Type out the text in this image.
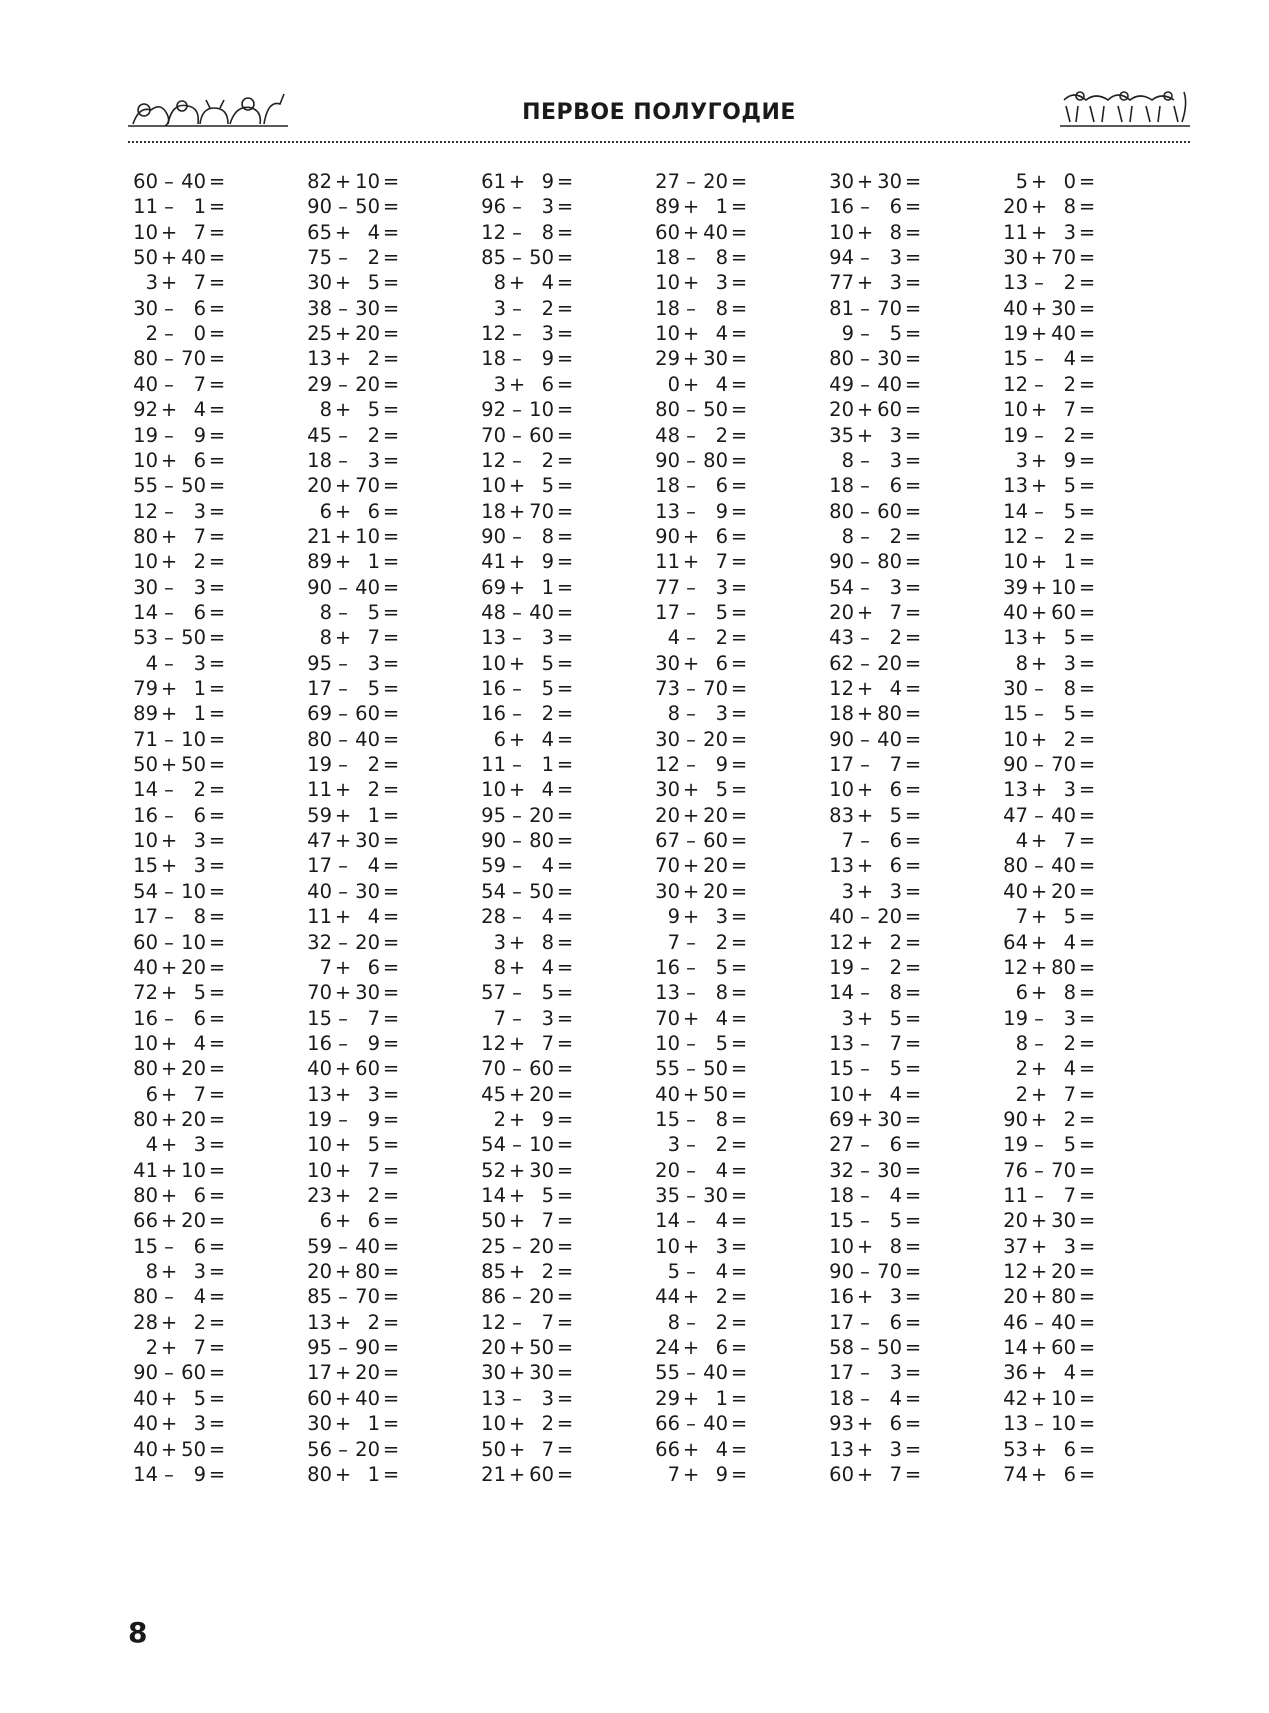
ПЕРВОЕ ПОЛУГОДИЕ
60 – 40 =
11 – 1 =
10 + 7 =
50 + 40 =
3 + 7 =
30 – 6 =
2 – 0 =
80 – 70 =
40 – 7 =
92 + 4 =
19 – 9 =
10 + 6 =
55 – 50 =
12 – 3 =
80 + 7 =
10 + 2 =
30 – 3 =
14 – 6 =
53 – 50 =
4 – 3 =
79 + 1 =
89 + 1 =
71 – 10 =
50 + 50 =
14 – 2 =
16 – 6 =
10 + 3 =
15 + 3 =
54 – 10 =
17 – 8 =
60 – 10 =
40 + 20 =
72 + 5 =
16 – 6 =
10 + 4 =
80 + 20 =
6 + 7 =
80 + 20 =
4 + 3 =
41 + 10 =
80 + 6 =
66 + 20 =
15 – 6 =
8 + 3 =
80 – 4 =
28 + 2 =
2 + 7 =
90 – 60 =
40 + 5 =
40 + 3 =
40 + 50 =
14 – 9 =
82 + 10 =
90 – 50 =
65 + 4 =
75 – 2 =
30 + 5 =
38 – 30 =
25 + 20 =
13 + 2 =
29 – 20 =
8 + 5 =
45 – 2 =
18 – 3 =
20 + 70 =
6 + 6 =
21 + 10 =
89 + 1 =
90 – 40 =
8 – 5 =
8 + 7 =
95 – 3 =
17 – 5 =
69 – 60 =
80 – 40 =
19 – 2 =
11 + 2 =
59 + 1 =
47 + 30 =
17 – 4 =
40 – 30 =
11 + 4 =
32 – 20 =
7 + 6 =
70 + 30 =
15 – 7 =
16 – 9 =
40 + 60 =
13 + 3 =
19 – 9 =
10 + 5 =
10 + 7 =
23 + 2 =
6 + 6 =
59 – 40 =
20 + 80 =
85 – 70 =
13 + 2 =
95 – 90 =
17 + 20 =
60 + 40 =
30 + 1 =
56 – 20 =
80 + 1 =
61 + 9 =
96 – 3 =
12 – 8 =
85 – 50 =
8 + 4 =
3 – 2 =
12 – 3 =
18 – 9 =
3 + 6 =
92 – 10 =
70 – 60 =
12 – 2 =
10 + 5 =
18 + 70 =
90 – 8 =
41 + 9 =
69 + 1 =
48 – 40 =
13 – 3 =
10 + 5 =
16 – 5 =
16 – 2 =
6 + 4 =
11 – 1 =
10 + 4 =
95 – 20 =
90 – 80 =
59 – 4 =
54 – 50 =
28 – 4 =
3 + 8 =
8 + 4 =
57 – 5 =
7 – 3 =
12 + 7 =
70 – 60 =
45 + 20 =
2 + 9 =
54 – 10 =
52 + 30 =
14 + 5 =
50 + 7 =
25 – 20 =
85 + 2 =
86 – 20 =
12 – 7 =
20 + 50 =
30 + 30 =
13 – 3 =
10 + 2 =
50 + 7 =
21 + 60 =
27 – 20 =
89 + 1 =
60 + 40 =
18 – 8 =
10 + 3 =
18 – 8 =
10 + 4 =
29 + 30 =
0 + 4 =
80 – 50 =
48 – 2 =
90 – 80 =
18 – 6 =
13 – 9 =
90 + 6 =
11 + 7 =
77 – 3 =
17 – 5 =
4 – 2 =
30 + 6 =
73 – 70 =
8 – 3 =
30 – 20 =
12 – 9 =
30 + 5 =
20 + 20 =
67 – 60 =
70 + 20 =
30 + 20 =
9 + 3 =
7 – 2 =
16 – 5 =
13 – 8 =
70 + 4 =
10 – 5 =
55 – 50 =
40 + 50 =
15 – 8 =
3 – 2 =
20 – 4 =
35 – 30 =
14 – 4 =
10 + 3 =
5 – 4 =
44 + 2 =
8 – 2 =
24 + 6 =
55 – 40 =
29 + 1 =
66 – 40 =
66 + 4 =
7 + 9 =
30 + 30 =
16 – 6 =
10 + 8 =
94 – 3 =
77 + 3 =
81 – 70 =
9 – 5 =
80 – 30 =
49 – 40 =
20 + 60 =
35 + 3 =
8 – 3 =
18 – 6 =
80 – 60 =
8 – 2 =
90 – 80 =
54 – 3 =
20 + 7 =
43 – 2 =
62 – 20 =
12 + 4 =
18 + 80 =
90 – 40 =
17 – 7 =
10 + 6 =
83 + 5 =
7 – 6 =
13 + 6 =
3 + 3 =
40 – 20 =
12 + 2 =
19 – 2 =
14 – 8 =
3 + 5 =
13 – 7 =
15 – 5 =
10 + 4 =
69 + 30 =
27 – 6 =
32 – 30 =
18 – 4 =
15 – 5 =
10 + 8 =
90 – 70 =
16 + 3 =
17 – 6 =
58 – 50 =
17 – 3 =
18 – 4 =
93 + 6 =
13 + 3 =
60 + 7 =
5 + 0 =
20 + 8 =
11 + 3 =
30 + 70 =
13 – 2 =
40 + 30 =
19 + 40 =
15 – 4 =
12 – 2 =
10 + 7 =
19 – 2 =
3 + 9 =
13 + 5 =
14 – 5 =
12 – 2 =
10 + 1 =
39 + 10 =
40 + 60 =
13 + 5 =
8 + 3 =
30 – 8 =
15 – 5 =
10 + 2 =
90 – 70 =
13 + 3 =
47 – 40 =
4 + 7 =
80 – 40 =
40 + 20 =
7 + 5 =
64 + 4 =
12 + 80 =
6 + 8 =
19 – 3 =
8 – 2 =
2 + 4 =
2 + 7 =
90 + 2 =
19 – 5 =
76 – 70 =
11 – 7 =
20 + 30 =
37 + 3 =
12 + 20 =
20 + 80 =
46 – 40 =
14 + 60 =
36 + 4 =
42 + 10 =
13 – 10 =
53 + 6 =
74 + 6 =
8
